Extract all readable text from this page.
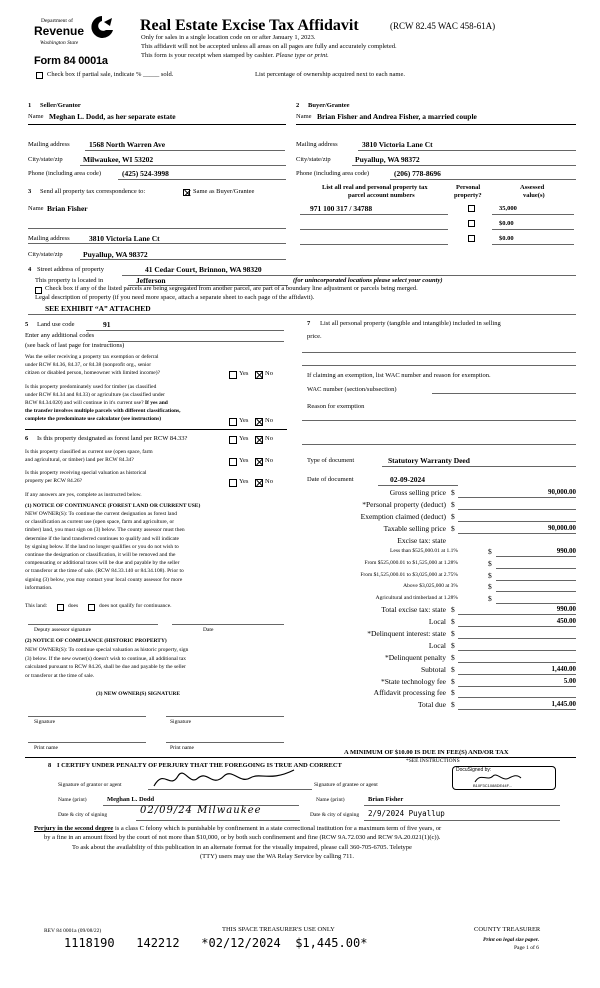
Department of
Revenue
Washington State
Real Estate Excise Tax Affidavit	(RCW 82.45 WAC 458-61A)
Only for sales in a single location code on or after January 1, 2023.
This affidavit will not be accepted unless all areas on all pages are fully and accurately completed.
This form is your receipt when stamped by cashier. Please type or print.
Form 84 0001a
Check box if partial sale, indicate % _____ sold.	List percentage of ownership acquired next to each name.
1 Seller/Grantor
Name Meghan L. Dodd, as her separate estate
Mailing address	1568 North Warren Ave
City/state/zip	Milwaukee, WI 53202
Phone (including area code)	(425) 524-3998
2 Buyer/Grantee
Name Brian Fisher and Andrea Fisher, a married couple
Mailing address	3810 Victoria Lane Ct
City/state/zip	Puyallup, WA 98372
Phone (including area code)	(206) 778-8696
3 Send all property tax correspondence to:	Same as Buyer/Grantee
Name Brian Fisher
Mailing address	3810 Victoria Lane Ct
City/state/zip	Puyallup, WA 98372
List all real and personal property tax
parcel account numbers
Personal
property?
Assessed
value(s)
971 100 317 / 34788	35,000
$0.00
$0.00
4 Street address of property	41 Cedar Court, Brinnon, WA 98320
This property is located in	Jefferson	(for unincorporated locations please select your county)
Check box if any of the listed parcels are being segregated from another parcel, are part of a boundary line adjustment or parcels being merged.
Legal description of property (if you need more space, attach a separate sheet to each page of the affidavit).
SEE EXHIBIT “A” ATTACHED
5 Land use code	91
Enter any additional codes
(see back of last page for instructions)
Was the seller receiving a property tax exemption or deferral
under RCW 84.36, 84.37, or 84.38 (nonprofit org., senior
citizen or disabled person, homeowner with limited income)?	Yes	No
Is this property predominately used for timber (as classified
under RCW 84.34 and 84.33) or agriculture (as classified under
RCW 84.34.020) and will continue in it's current use? If yes and
the transfer involves multiple parcels with different classifications,
complete the predominate use calculator (see instructions)	Yes	No
6 Is this property designated as forest land per RCW 84.33?	Yes	No
Is this property classified as current use (open space, farm
and agricultural, or timber) land per RCW 84.34?	Yes	No
Is this property receiving special valuation as historical
property per RCW 84.26?	Yes	No
If any answers are yes, complete as instructed below.
(1) NOTICE OF CONTINUANCE (FOREST LAND OR CURRENT USE)
NEW OWNER(S): To continue the current designation as forest land
or classification as current use (open space, farm and agriculture, or
timber) land, you must sign on (3) below. The county assessor must then
determine if the land transferred continues to qualify and will indicate
by signing below. If the land no longer qualifies or you do not wish to
continue the designation or classification, it will be removed and the
compensating or additional taxes will be due and payable by the seller
or transferor at the time of sale. (RCW 84.33.140 or 84.34.108). Prior to
signing (3) below, you may contact your local county assessor for more
information.
This land:	does	does not qualify for continuance.
Deputy assessor signature	Date
(2) NOTICE OF COMPLIANCE (HISTORIC PROPERTY)
NEW OWNER(S): To continue special valuation as historic property, sign
(3) below. If the new owner(s) doesn't wish to continue, all additional tax
calculated pursuant to RCW 84.26, shall be due and payable by the seller
or transferor at the time of sale.
(3) NEW OWNER(S) SIGNATURE
Signature	Signature
Print name	Print name
7 List all personal property (tangible and intangible) included in selling
price.
If claiming an exemption, list WAC number and reason for exemption.
WAC number (section/subsection)
Reason for exemption
Type of document	Statutory Warranty Deed
Date of document	02-09-2024
Gross selling price $	90,000.00
*Personal property (deduct) $
Exemption claimed (deduct) $
Taxable selling price $	90,000.00
Excise tax: state
Less than $525,000.01 at 1.1%	$	990.00
From $525,000.01 to $1,525,000 at 1.28%	$
From $1,525,000.01 to $3,025,000 at 2.75%	$
Above $3,025,000 at 3%	$
Agricultural and timberland at 1.28%	$
Total excise tax: state $	990.00
Local $	450.00
*Delinquent interest: state $
Local $
*Delinquent penalty $
Subtotal $	1,440.00
*State technology fee $	5.00
Affidavit processing fee $
Total due $	1,445.00
A MINIMUM OF $10.00 IS DUE IN FEE(S) AND/OR TAX
*SEE INSTRUCTIONS
8 I CERTIFY UNDER PENALTY OF PERJURY THAT THE FOREGOING IS TRUE AND CORRECT
Signature of grantor or agent	Signature of grantee or agent
DocuSigned by:
B10F3C1088DE44F...
Name (print)	Meghan L. Dodd	Name (print)	Brian Fisher
Date & city of signing	02/09/24 Milwaukee	Date & city of signing 2/9/2024 Puyallup
Perjury in the second degree is a class C felony which is punishable by confinement in a state correctional institution for a maximum term of five years, or
by a fine in an amount fixed by the court of not more than $10,000, or by both such confinement and fine (RCW 9A.72.030 and RCW 9A.20.021(1)(c)).
To ask about the availability of this publication in an alternate format for the visually impaired, please call 360-705-6705. Teletype
(TTY) users may use the WA Relay Service by calling 711.
REV 84 0001a (09/08/22)	THIS SPACE TREASURER'S USE ONLY	COUNTY TREASURER
Print on legal size paper.
Page 1 of 6
1118190   142212   *02/12/2024  $1,445.00*
